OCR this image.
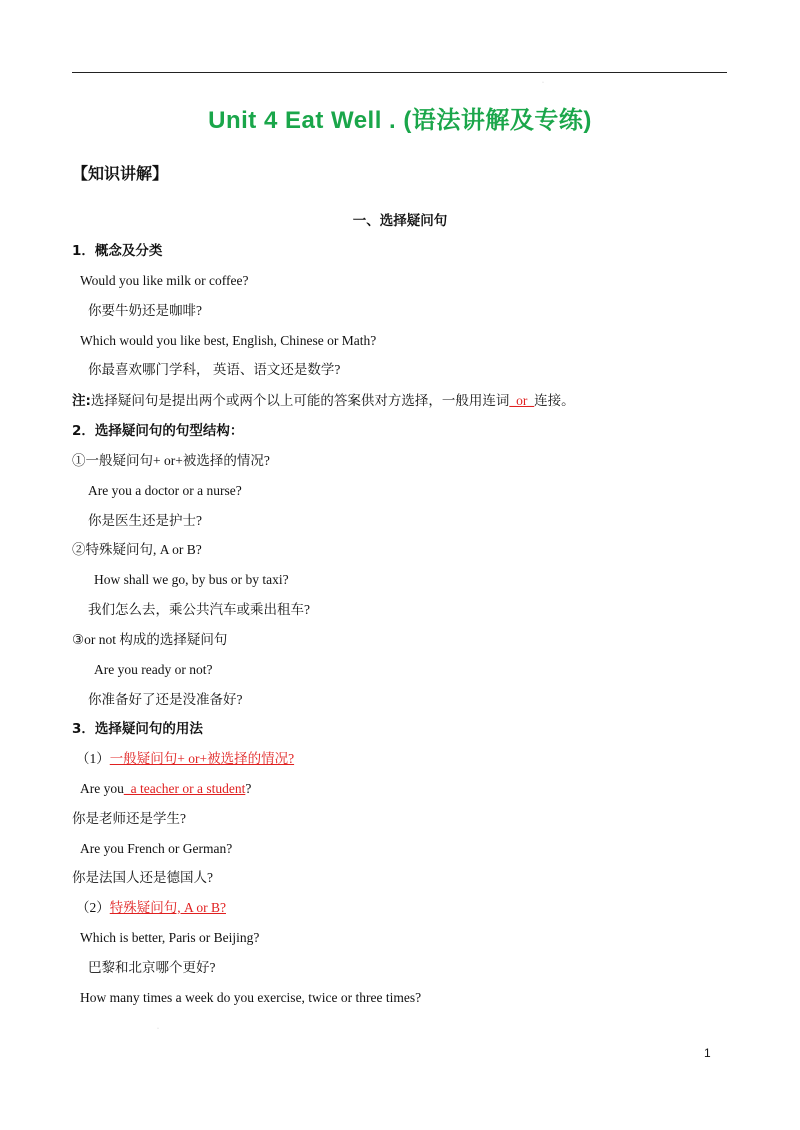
·
Unit 4 Eat Well . (语法讲解及专练)
【知识讲解】
一、选择疑问句
1．概念及分类
Would you like milk or coffee?
你要牛奶还是咖啡?
Which would you like best, English, Chinese or Math?
你最喜欢哪门学科， 英语、语文还是数学?
注:选择疑问句是提出两个或两个以上可能的答案供对方选择，一般用连词_or_连接。
2．选择疑问句的句型结构：
①一般疑问句+ or+被选择的情况?
Are you a doctor or a nurse?
你是医生还是护士?
②特殊疑问句, A or B?
How shall we go, by bus or by taxi?
我们怎么去，乘公共汽车或乘出租车?
③or not 构成的选择疑问句
Are you ready or not?
你准备好了还是没准备好?
3．选择疑问句的用法
（1）一般疑问句+ or+被选择的情况?
Are you_a teacher or a student?
你是老师还是学生?
Are you French or German?
你是法国人还是德国人?
（2）特殊疑问句, A or B?
Which is better, Paris or Beijing?
巴黎和北京哪个更好?
How many times a week do you exercise, twice or three times?
·
1
